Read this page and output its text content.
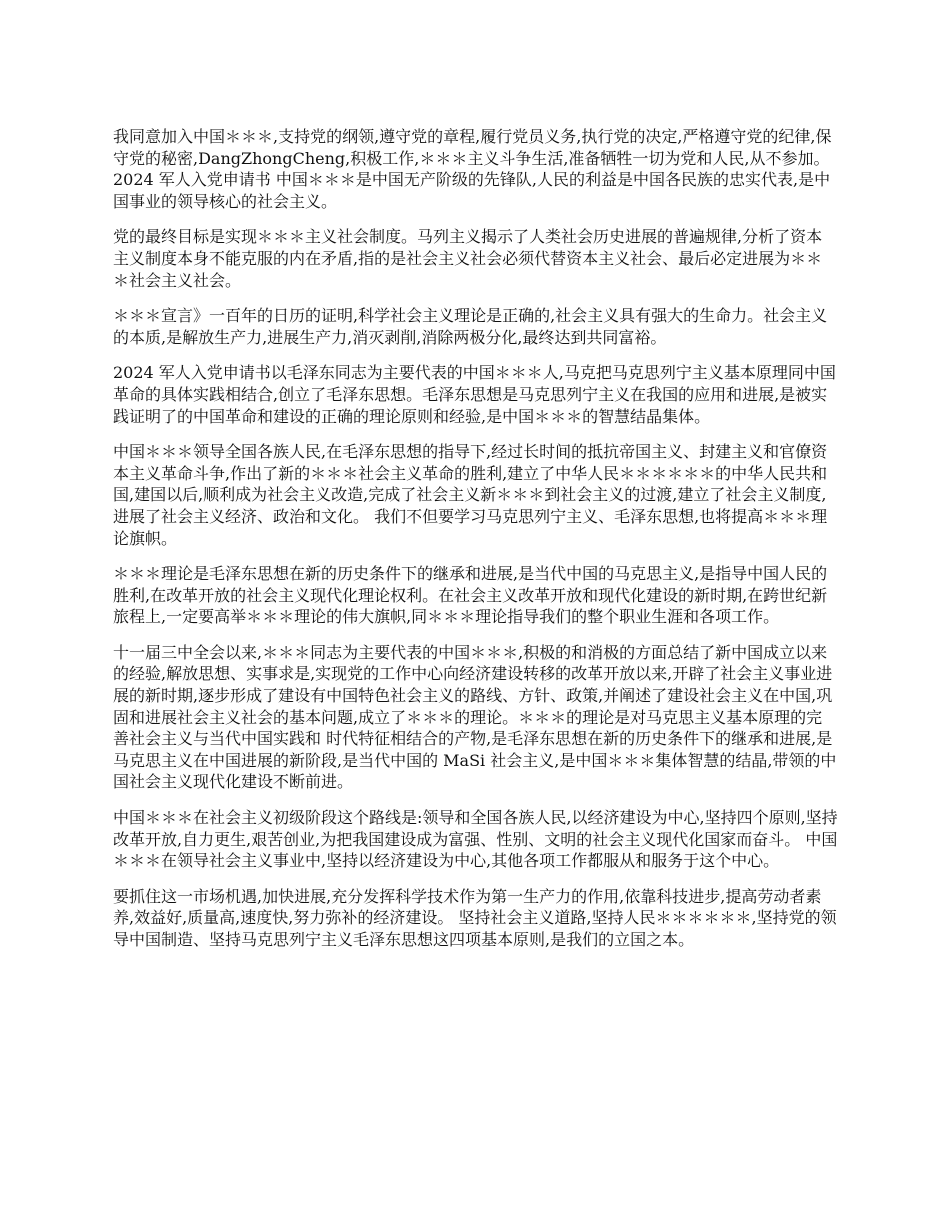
我同意加入中国＊＊＊,支持党的纲领,遵守党的章程,履行党员义务,执行党的决定,严格遵守党的纪律,保守党的秘密,DangZhongCheng,积极工作,＊＊＊主义斗争生活,准备牺牲一切为党和人民,从不参加。2024 军人入党申请书 中国＊＊＊是中国无产阶级的先锋队,人民的利益是中国各民族的忠实代表,是中国事业的领导核心的社会主义。

党的最终目标是实现＊＊＊主义社会制度。马列主义揭示了人类社会历史进展的普遍规律,分析了资本主义制度本身不能克服的内在矛盾,指的是社会主义社会必须代替资本主义社会、最后必定进展为＊＊＊社会主义社会。

＊＊＊宣言》一百年的日历的证明,科学社会主义理论是正确的,社会主义具有强大的生命力。社会主义的本质,是解放生产力,进展生产力,消灭剥削,消除两极分化,最终达到共同富裕。

2024 军人入党申请书以毛泽东同志为主要代表的中国＊＊＊人,马克把马克思列宁主义基本原理同中国革命的具体实践相结合,创立了毛泽东思想。毛泽东思想是马克思列宁主义在我国的应用和进展,是被实践证明了的中国革命和建设的正确的理论原则和经验,是中国＊＊＊的智慧结晶集体。

中国＊＊＊领导全国各族人民,在毛泽东思想的指导下,经过长时间的抵抗帝国主义、封建主义和官僚资本主义革命斗争,作出了新的＊＊＊社会主义革命的胜利,建立了中华人民＊＊＊＊＊＊的中华人民共和国,建国以后,顺利成为社会主义改造,完成了社会主义新＊＊＊到社会主义的过渡,建立了社会主义制度,进展了社会主义经济、政治和文化。 我们不但要学习马克思列宁主义、毛泽东思想,也将提高＊＊＊理论旗帜。

＊＊＊理论是毛泽东思想在新的历史条件下的继承和进展,是当代中国的马克思主义,是指导中国人民的胜利,在改革开放的社会主义现代化理论权利。在社会主义改革开放和现代化建设的新时期,在跨世纪新旅程上,一定要高举＊＊＊理论的伟大旗帜,同＊＊＊理论指导我们的整个职业生涯和各项工作。

十一届三中全会以来,＊＊＊同志为主要代表的中国＊＊＊,积极的和消极的方面总结了新中国成立以来的经验,解放思想、实事求是,实现党的工作中心向经济建设转移的改革开放以来,开辟了社会主义事业进展的新时期,逐步形成了建设有中国特色社会主义的路线、方针、政策,并阐述了建设社会主义在中国,巩固和进展社会主义社会的基本问题,成立了＊＊＊的理论。＊＊＊的理论是对马克思主义基本原理的完善社会主义与当代中国实践和 时代特征相结合的产物,是毛泽东思想在新的历史条件下的继承和进展,是马克思主义在中国进展的新阶段,是当代中国的 MaSi 社会主义,是中国＊＊＊集体智慧的结晶,带领的中国社会主义现代化建设不断前进。

中国＊＊＊在社会主义初级阶段这个路线是:领导和全国各族人民,以经济建设为中心,坚持四个原则,坚持改革开放,自力更生,艰苦创业,为把我国建设成为富强、性别、文明的社会主义现代化国家而奋斗。 中国＊＊＊在领导社会主义事业中,坚持以经济建设为中心,其他各项工作都服从和服务于这个中心。

要抓住这一市场机遇,加快进展,充分发挥科学技术作为第一生产力的作用,依靠科技进步,提高劳动者素养,效益好,质量高,速度快,努力弥补的经济建设。 坚持社会主义道路,坚持人民＊＊＊＊＊＊,坚持党的领导中国制造、坚持马克思列宁主义毛泽东思想这四项基本原则,是我们的立国之本。
